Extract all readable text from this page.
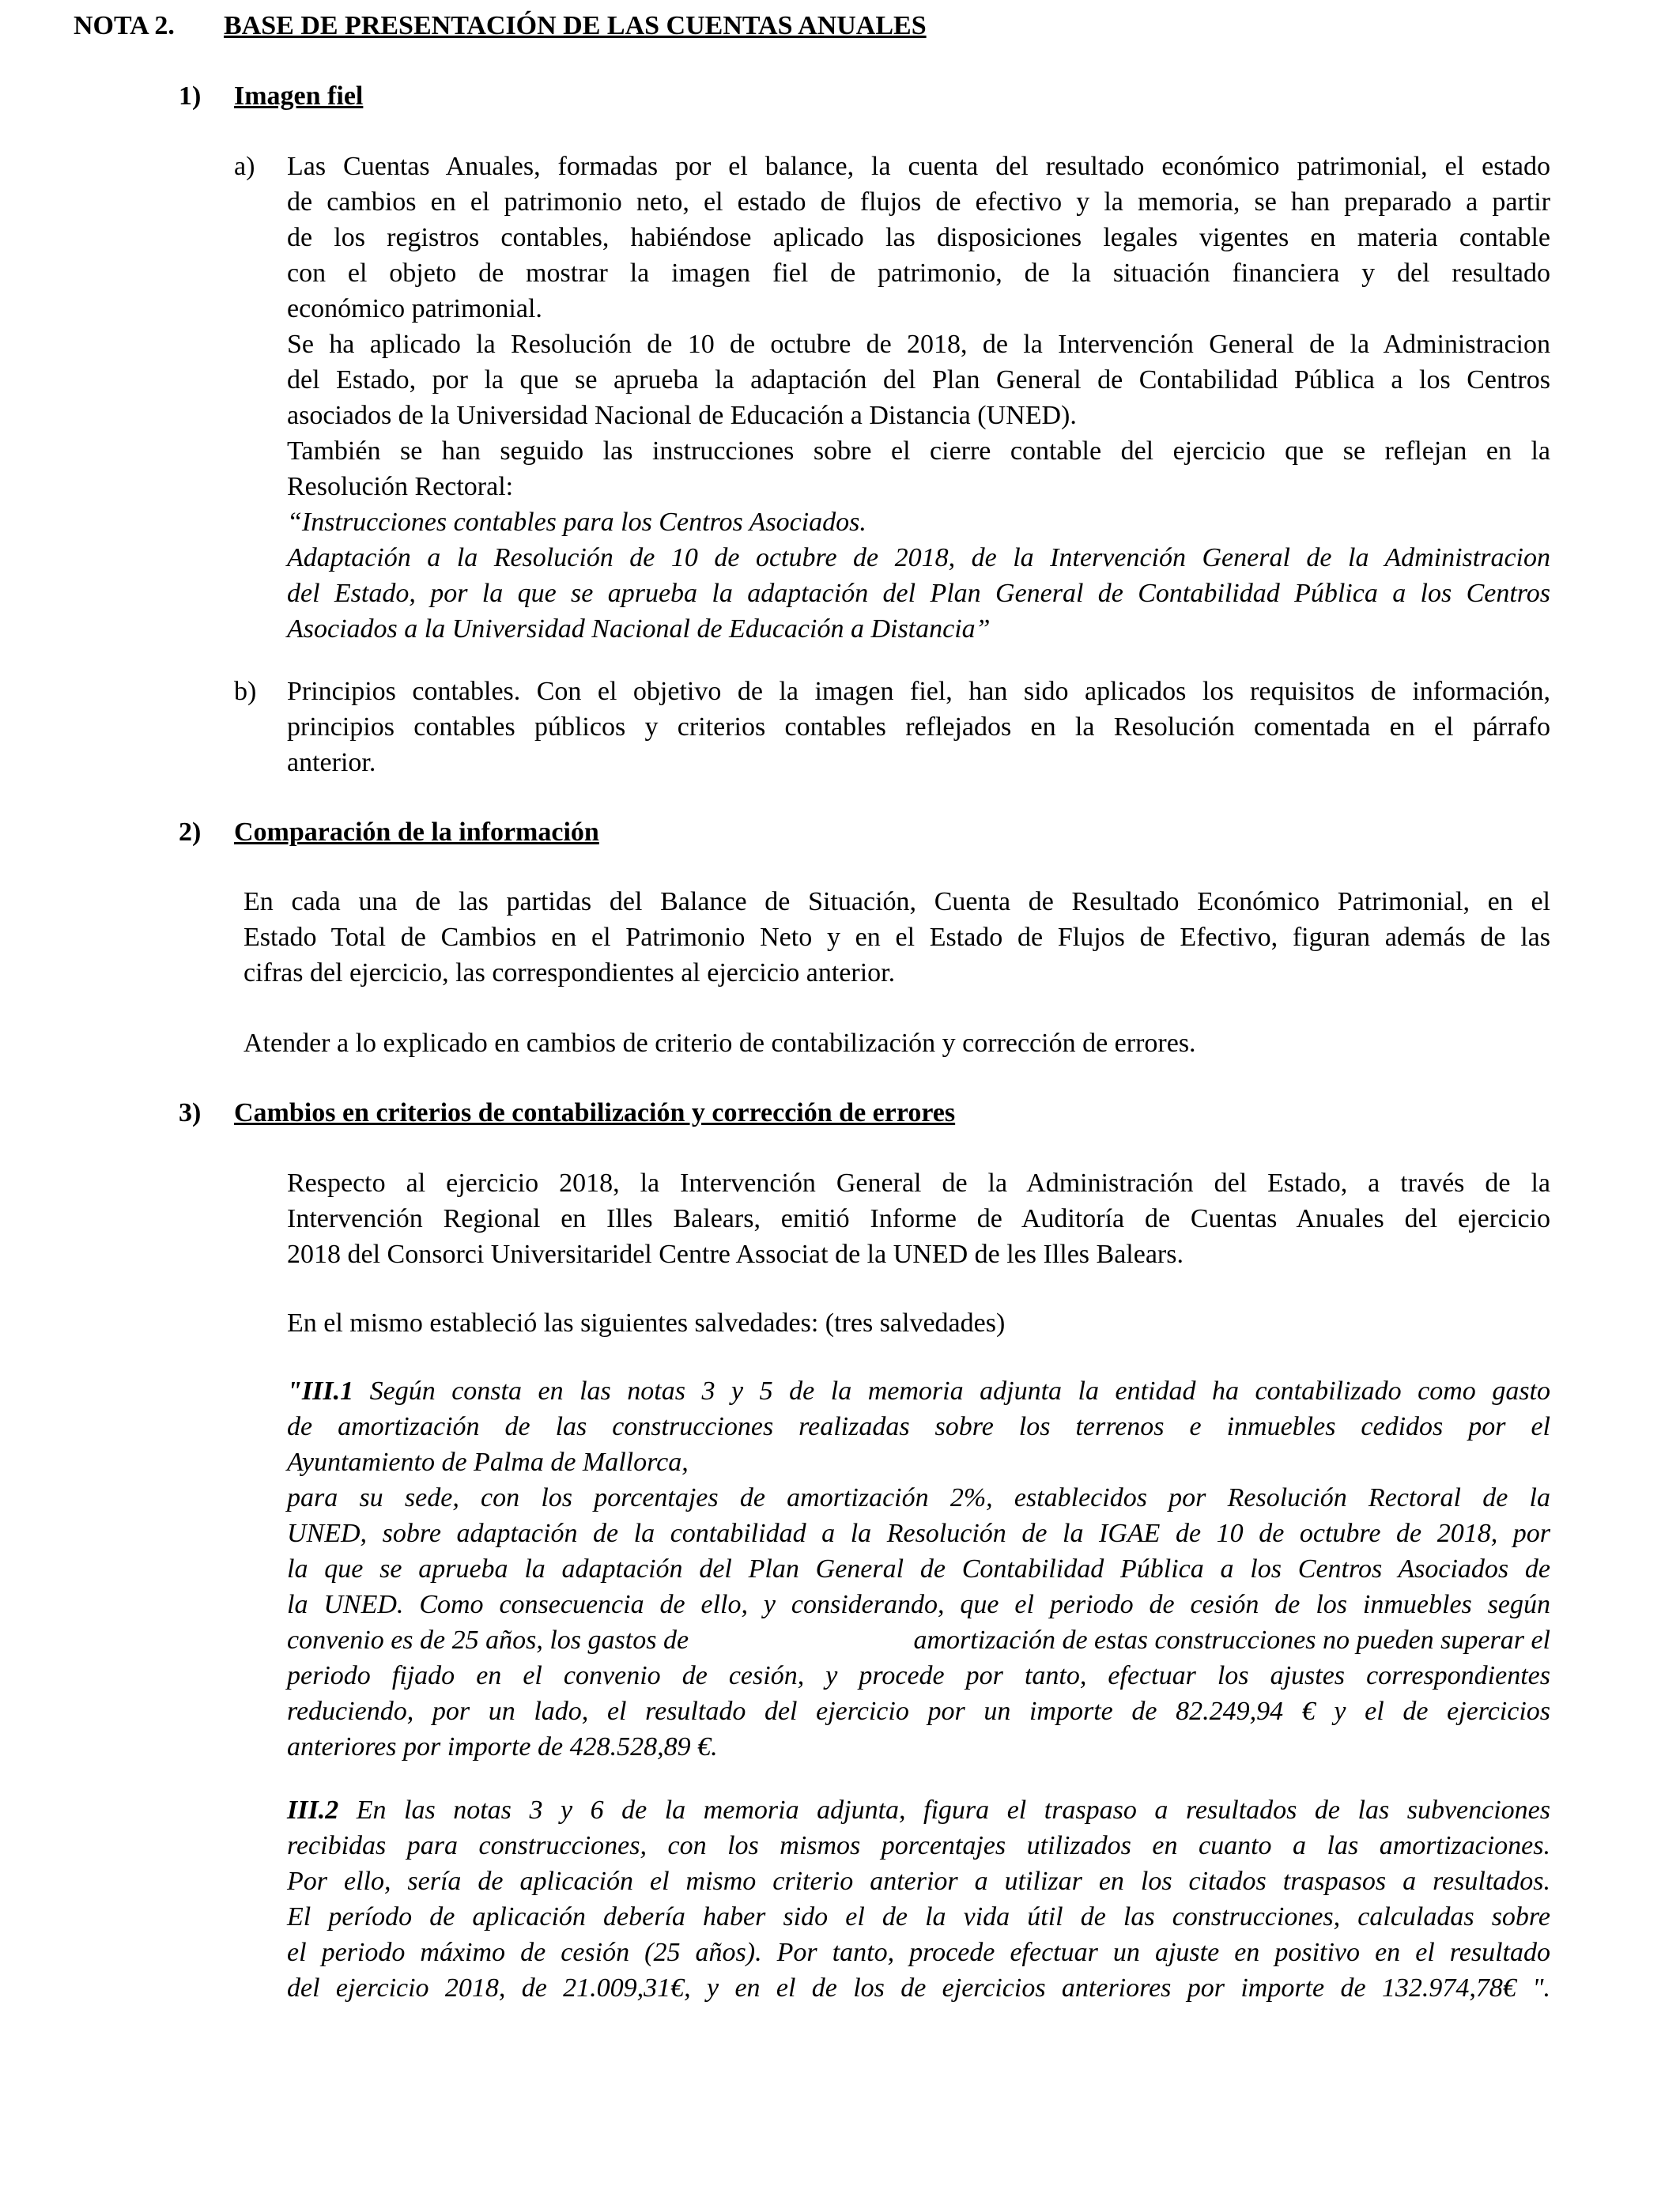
NOTA 2. BASE DE PRESENTACIÓN DE LAS CUENTAS ANUALES
1) Imagen fiel
a) Las Cuentas Anuales, formadas por el balance, la cuenta del resultado económico patrimonial, el estado

de cambios en el patrimonio neto, el estado de flujos de efectivo y la memoria, se han preparado a partir

de los registros contables, habiéndose aplicado las disposiciones legales vigentes en materia contable

con el objeto de mostrar la imagen fiel de patrimonio, de la situación financiera y del resultado

económico patrimonial.

Se ha aplicado la Resolución de 10 de octubre de 2018, de la Intervención General de la Administracion

del Estado, por la que se aprueba la adaptación del Plan General de Contabilidad Pública a los Centros

asociados de la Universidad Nacional de Educación a Distancia (UNED).

También se han seguido las instrucciones sobre el cierre contable del ejercicio que se reflejan en la

Resolución Rectoral:

“Instrucciones contables para los Centros Asociados.

Adaptación a la Resolución de 10 de octubre de 2018, de la Intervención General de la Administracion

del Estado, por la que se aprueba la adaptación del Plan General de Contabilidad Pública a los Centros

Asociados a la Universidad Nacional de Educación a Distancia”

b) Principios contables. Con el objetivo de la imagen fiel, han sido aplicados los requisitos de información,

principios contables públicos y criterios contables reflejados en la Resolución comentada en el párrafo

anterior.

2) Comparación de la información

En cada una de las partidas del Balance de Situación, Cuenta de Resultado Económico Patrimonial, en el

Estado Total de Cambios en el Patrimonio Neto y en el Estado de Flujos de Efectivo, figuran además de las

cifras del ejercicio, las correspondientes al ejercicio anterior.

Atender a lo explicado en cambios de criterio de contabilización y corrección de errores.
3) Cambios en criterios de contabilización y corrección de errores

Respecto al ejercicio 2018, la Intervención General de la Administración del Estado, a través de la

Intervención Regional en Illes Balears, emitió Informe de Auditoría de Cuentas Anuales del ejercicio

2018 del Consorci Universitaridel Centre Associat de la UNED de les Illes Balears.

En el mismo estableció las siguientes salvedades: (tres salvedades)

"III.1 Según consta en las notas 3 y 5 de la memoria adjunta la entidad ha contabilizado como gasto

de amortización de las construcciones realizadas sobre los terrenos e inmuebles cedidos por el

Ayuntamiento de Palma de Mallorca,

para su sede, con los porcentajes de amortización 2%, establecidos por Resolución Rectoral de la

UNED, sobre adaptación de la contabilidad a la Resolución de la IGAE de 10 de octubre de 2018, por

la que se aprueba la adaptación del Plan General de Contabilidad Pública a los Centros Asociados de

la UNED. Como consecuencia de ello, y considerando, que el periodo de cesión de los inmuebles según

convenio es de 25 años, los gastos de	amortización de estas construcciones no pueden superar el

periodo fijado en el convenio de cesión, y procede por tanto, efectuar los ajustes correspondientes

reduciendo, por un lado, el resultado del ejercicio por un importe de 82.249,94 € y el de ejercicios

anteriores por importe de 428.528,89 €.

III.2 En las notas 3 y 6 de la memoria adjunta, figura el traspaso a resultados de las subvenciones

recibidas para construcciones, con los mismos porcentajes utilizados en cuanto a las amortizaciones.

Por ello, sería de aplicación el mismo criterio anterior a utilizar en los citados traspasos a resultados.

El período de aplicación debería haber sido el de la vida útil de las construcciones, calculadas sobre

el periodo máximo de cesión (25 años). Por tanto, procede efectuar un ajuste en positivo en el resultado

del ejercicio 2018, de 21.009,31€, y en el de los de ejercicios anteriores por importe de 132.974,78€ ".
